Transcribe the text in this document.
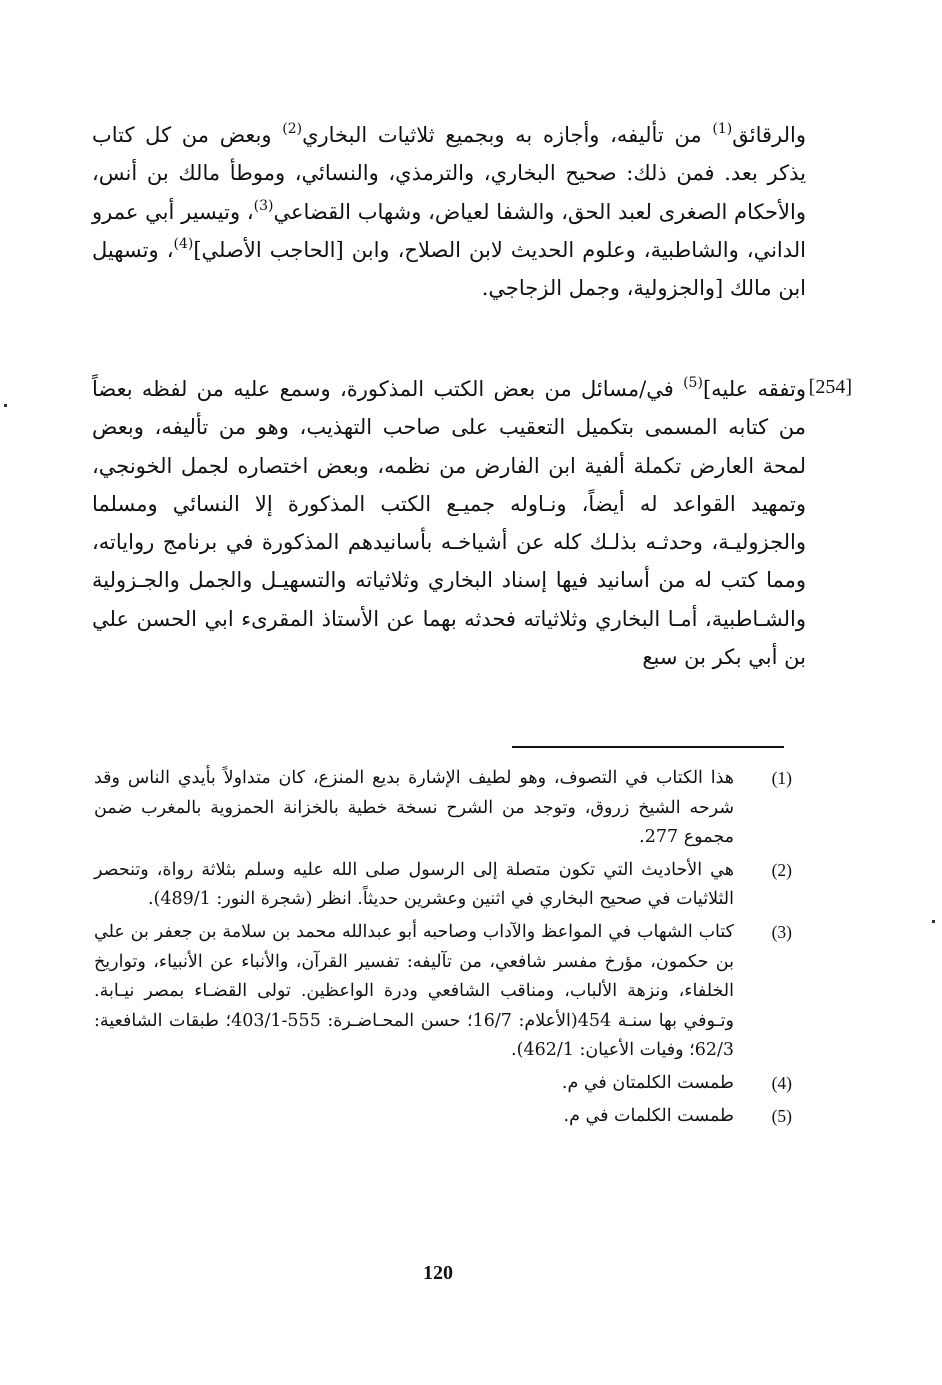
والرقائق$^{(1)}$ من تأليفه، وأجازه به وبجميع ثلاثيات البخاري$^{(2)}$ وبعض من كل كتاب يذكر بعد. فمن ذلك: صحيح البخاري، والترمذي، والنسائي، وموطأ مالك بن أنس، والأحكام الصغرى لعبد الحق، والشفا لعياض، وشهاب القضاعي$^{(3)}$، وتيسير أبي عمرو الداني، والشاطبية، وعلوم الحديث لابن الصلاح، وابن [الحاجب الأصلي]$^{(4)}$، وتسهيل ابن مالك [والجزولية، وجمل الزجاجي.

[254]

وتفقه عليه]$^{(5)}$ في/مسائل من بعض الكتب المذكورة، وسمع عليه من لفظه بعضاً من كتابه المسمى بتكميل التعقيب على صاحب التهذيب، وهو من تأليفه، وبعض لمحة العارض تكملة ألفية ابن الفارض من نظمه، وبعض اختصاره لجمل الخونجي، وتمهيد القواعد له أيضاً، ونـاوله جميـع الكتب المذكورة إلا النسائي ومسلما والجزوليـة، وحدثـه بذلـك كله عن أشياخـه بأسانيدهم المذكورة في برنامج رواياته، ومما كتب له من أسانيد فيها إسناد البخاري وثلاثياته والتسهيـل والجمل والجـزولية والشـاطبية، أمـا البخاري وثلاثياته فحدثه بهما عن الأستاذ المقرىء ابي الحسن علي بن أبي بكر بن سبع

(1)
هذا الكتاب في التصوف، وهو لطيف الإشارة بديع المنزع، كان متداولاً بأيدي الناس وقد شرحه الشيخ زروق، وتوجد من الشرح نسخة خطية بالخزانة الحمزوية بالمغرب ضمن مجموع 277.
(2)
هي الأحاديث التي تكون متصلة إلى الرسول صلى الله عليه وسلم بثلاثة رواة، وتنحصر الثلاثيات في صحيح البخاري في اثنين وعشرين حديثاً. انظر (شجرة النور: 489/1).
(3)
كتاب الشهاب في المواعظ والآداب وصاحبه أبو عبدالله محمد بن سلامة بن جعفر بن علي بن حكمون، مؤرخ مفسر شافعي، من تآليفه: تفسير القرآن، والأنباء عن الأنبياء، وتواريخ الخلفاء، ونزهة الألباب، ومناقب الشافعي ودرة الواعظين. تولى القضـاء بمصر نيـابة. وتـوفي بها سنـة 454(الأعلام: 16/7؛ حسن المحـاضـرة: 555-403/1؛ طبقات الشافعية: 62/3؛ وفيات الأعيان: 462/1).
(4)
طمست الكلمتان في م.
(5)
طمست الكلمات في م.
120
